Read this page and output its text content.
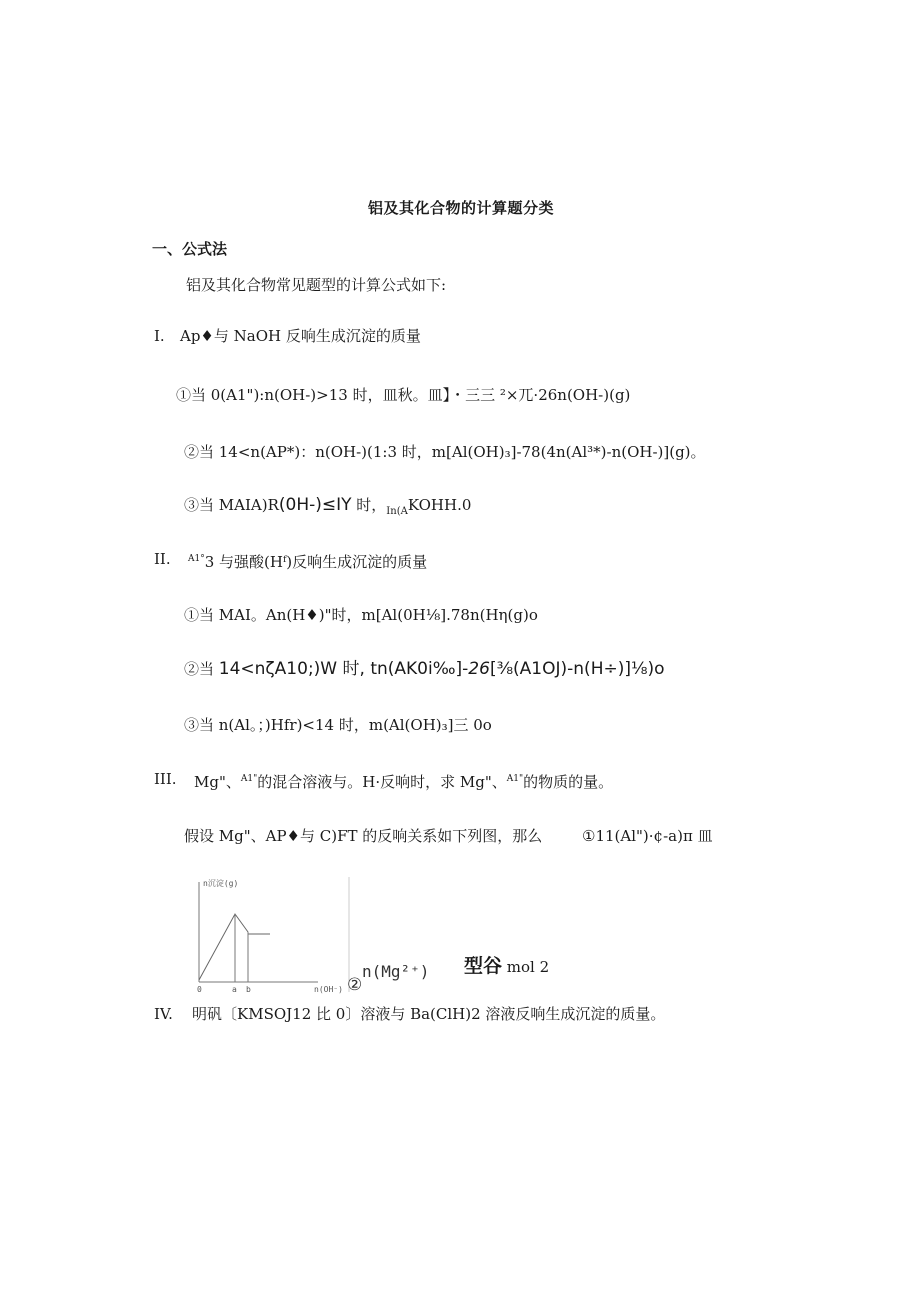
铝及其化合物的计算题分类
一、公式法
铝及其化合物常见题型的计算公式如下:
I. Ap♦与 NaOH 反响生成沉淀的质量
①当 0(A1"):n(OH-)>13 时，皿秋。皿】・三三 ²×兀·26n(OH-)(g)
②当 14<n(AP*)：n(OH-)(1:3 时，m[Al(OH)₃]-78(4n(Al³*)-n(OH-)](g)。
③当 MAIA)R(0H-)≤IY 时，$_{In(A}$KOHH.0
II. $^{A1^\circ}$3 与强酸(Hᶠ)反响生成沉淀的质量
①当 MAI。An(H♦)"时，m[Al(0H⅛].78n(Hη(g)o
②当 14<nζA10;)W 时, tn(AK0i‰]-26[⅜(A1OJ)-n(H÷)]⅛)o
③当 n(Al。；)Hfr)<14 时，m(Al(OH)₃]三 0o
III. Mg"、$^{A1"}$的混合溶液与。H·反响时，求 Mg"、$^{A1"}$的物质的量。
假设 Mg"、AP♦与 C)FT 的反响关系如下列图，那么	①11(Al")·¢-a)π 皿
n沉淀(g)
0	a b	n(OH⁻) ②
n(Mg²⁺) 型谷 mol 2
IV. 明矾〔KMSOJ12 比 0〕溶液与 Ba(ClH)2 溶液反响生成沉淀的质量。
